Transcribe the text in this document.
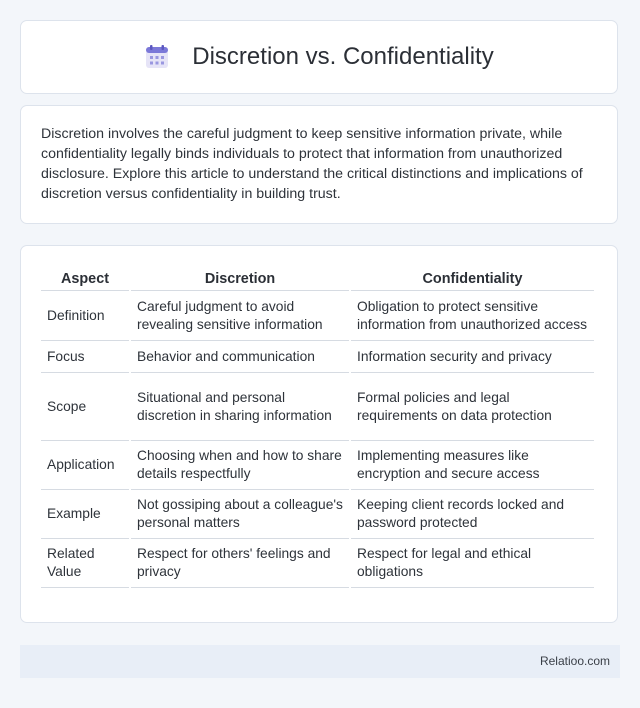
Discretion vs. Confidentiality

Discretion involves the careful judgment to keep sensitive information private, while confidentiality legally binds individuals to protect that information from unauthorized disclosure. Explore this article to understand the critical distinctions and implications of discretion versus confidentiality in building trust.

Aspect	Discretion	Confidentiality
Definition	Careful judgment to avoid revealing sensitive information	Obligation to protect sensitive information from unauthorized access
Focus	Behavior and communication	Information security and privacy
Scope	Situational and personal discretion in sharing information	Formal policies and legal requirements on data protection
Application	Choosing when and how to share details respectfully	Implementing measures like encryption and secure access
Example	Not gossiping about a colleague's personal matters	Keeping client records locked and password protected
Related Value	Respect for others' feelings and privacy	Respect for legal and ethical obligations
Relatioo.com
